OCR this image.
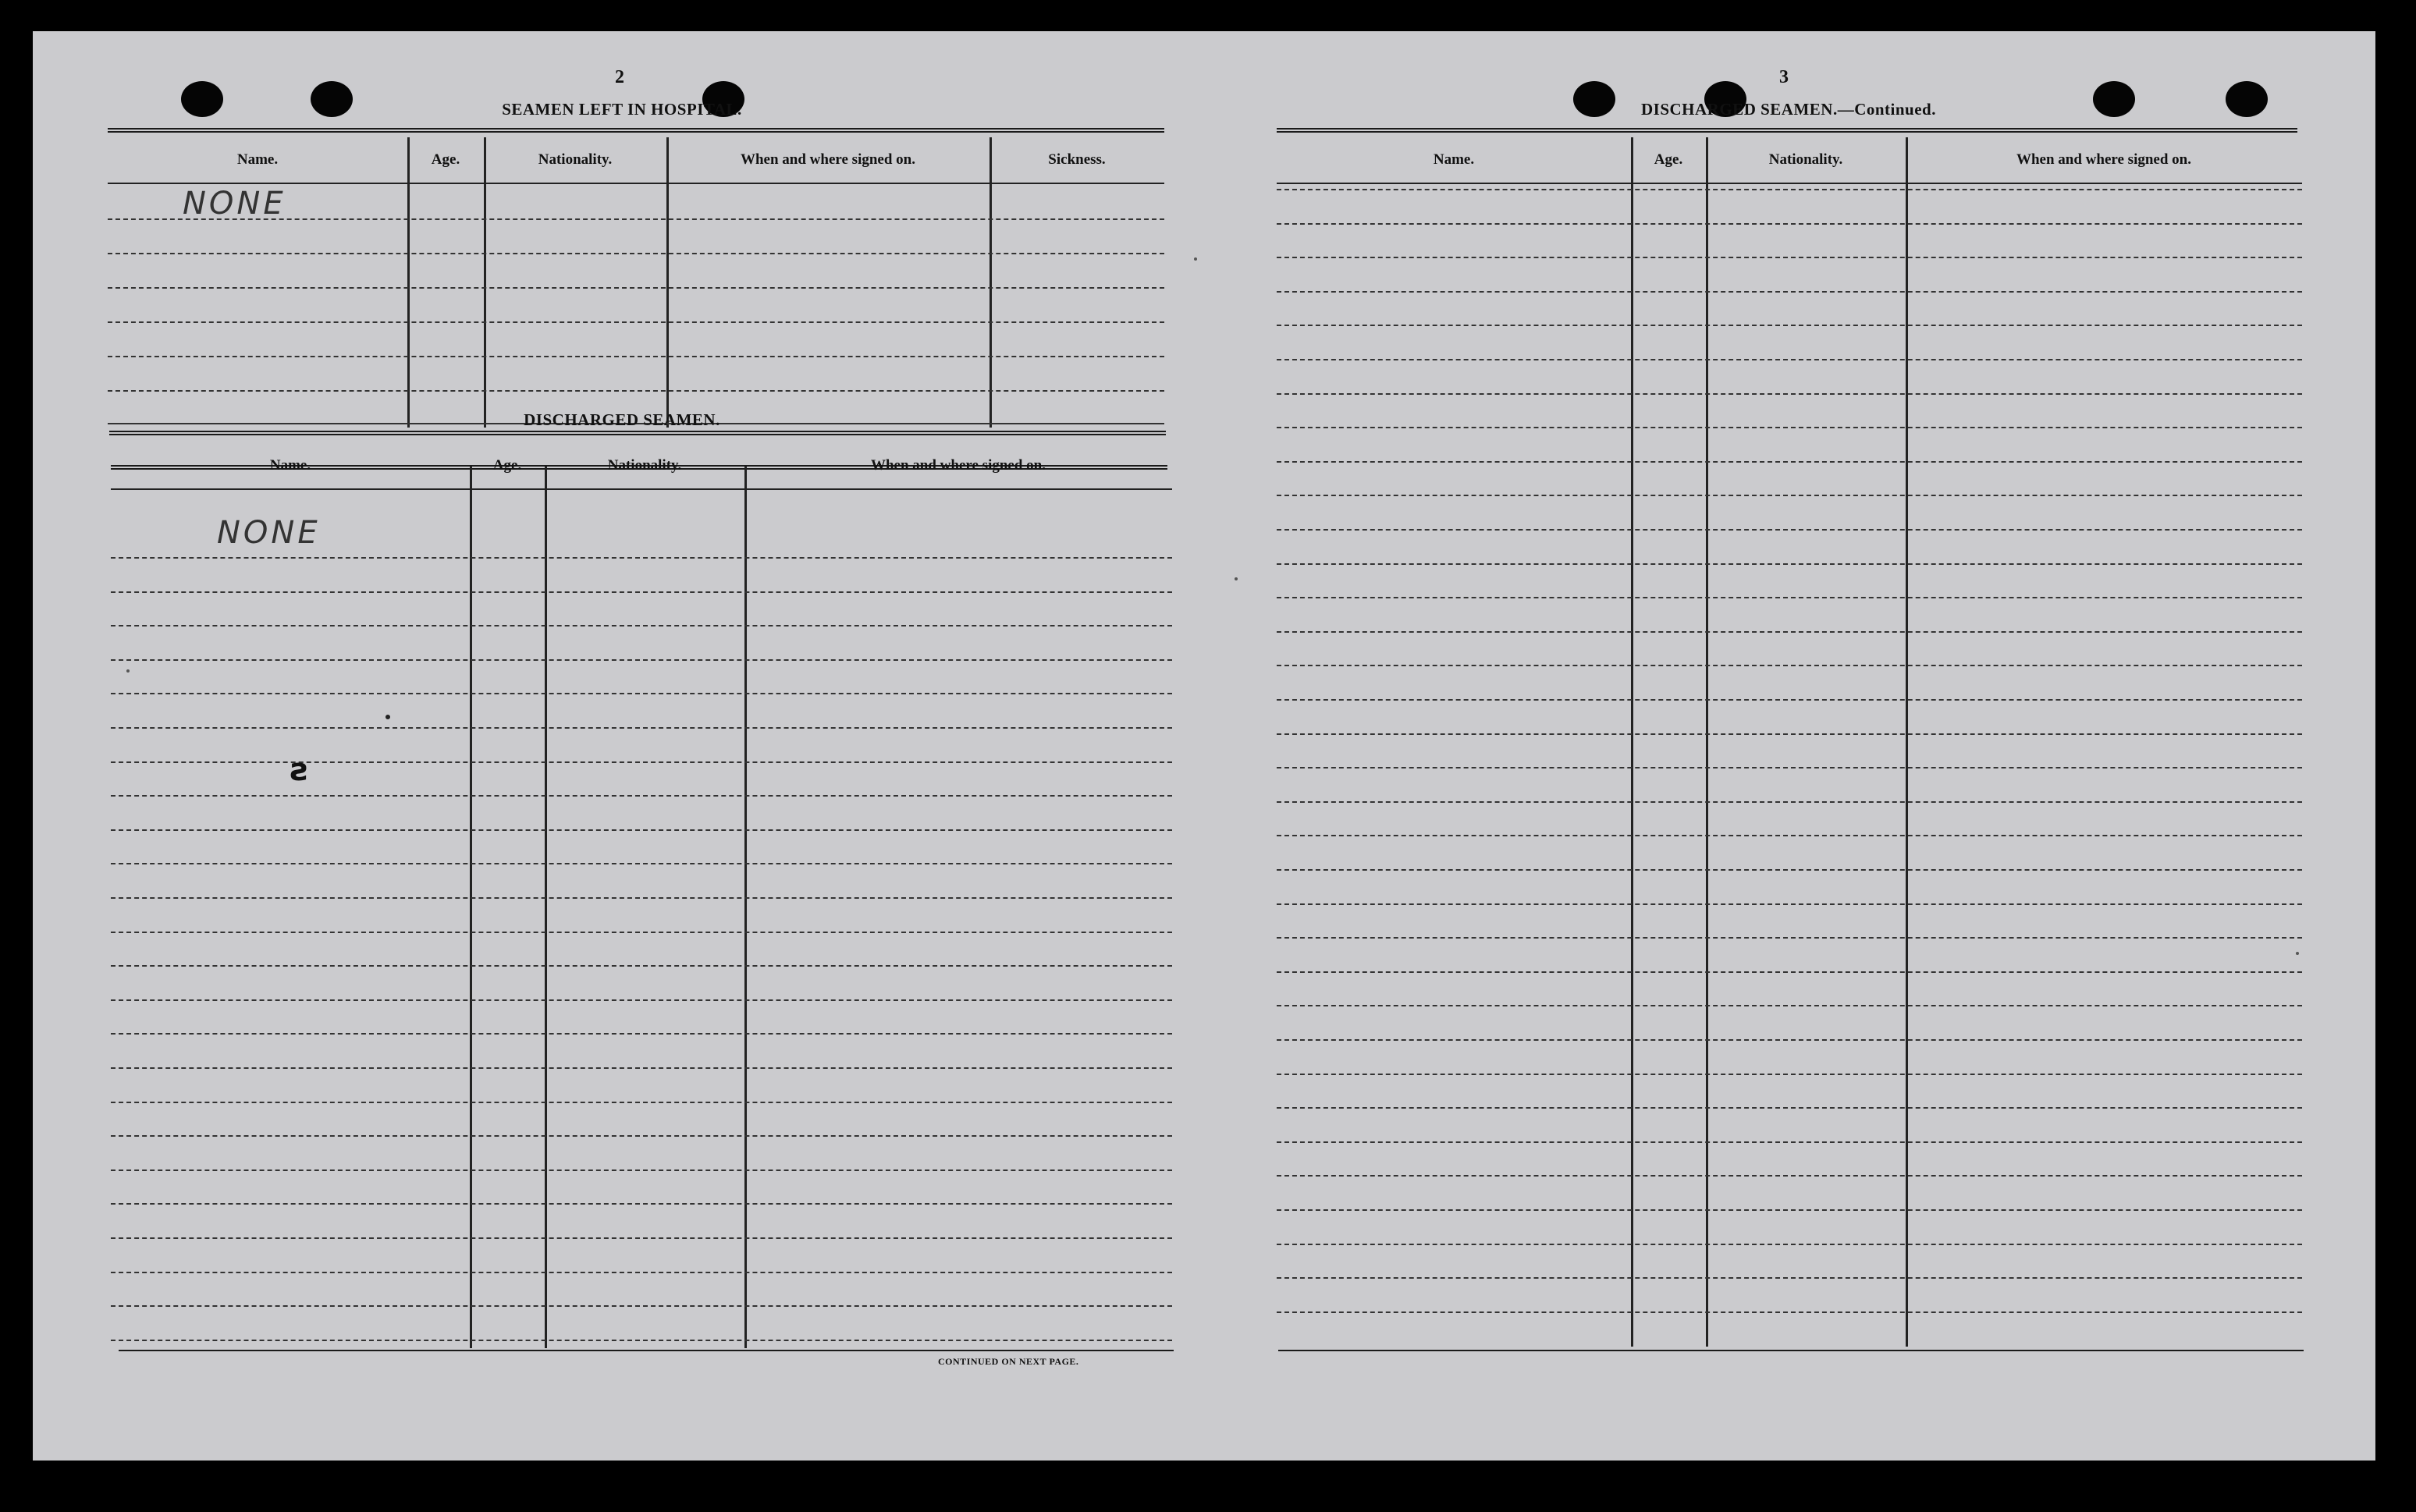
2
SEAMEN LEFT IN HOSPITAL.
Name.	Age.	Nationality.	When and where signed on.	Sickness.
NONE
DISCHARGED SEAMEN.
Name.	Age.	Nationality.	When and where signed on.
NONE
ƨ
CONTINUED ON NEXT PAGE.
3
DISCHARGED SEAMEN.—Continued.
Name.	Age.	Nationality.	When and where signed on.
